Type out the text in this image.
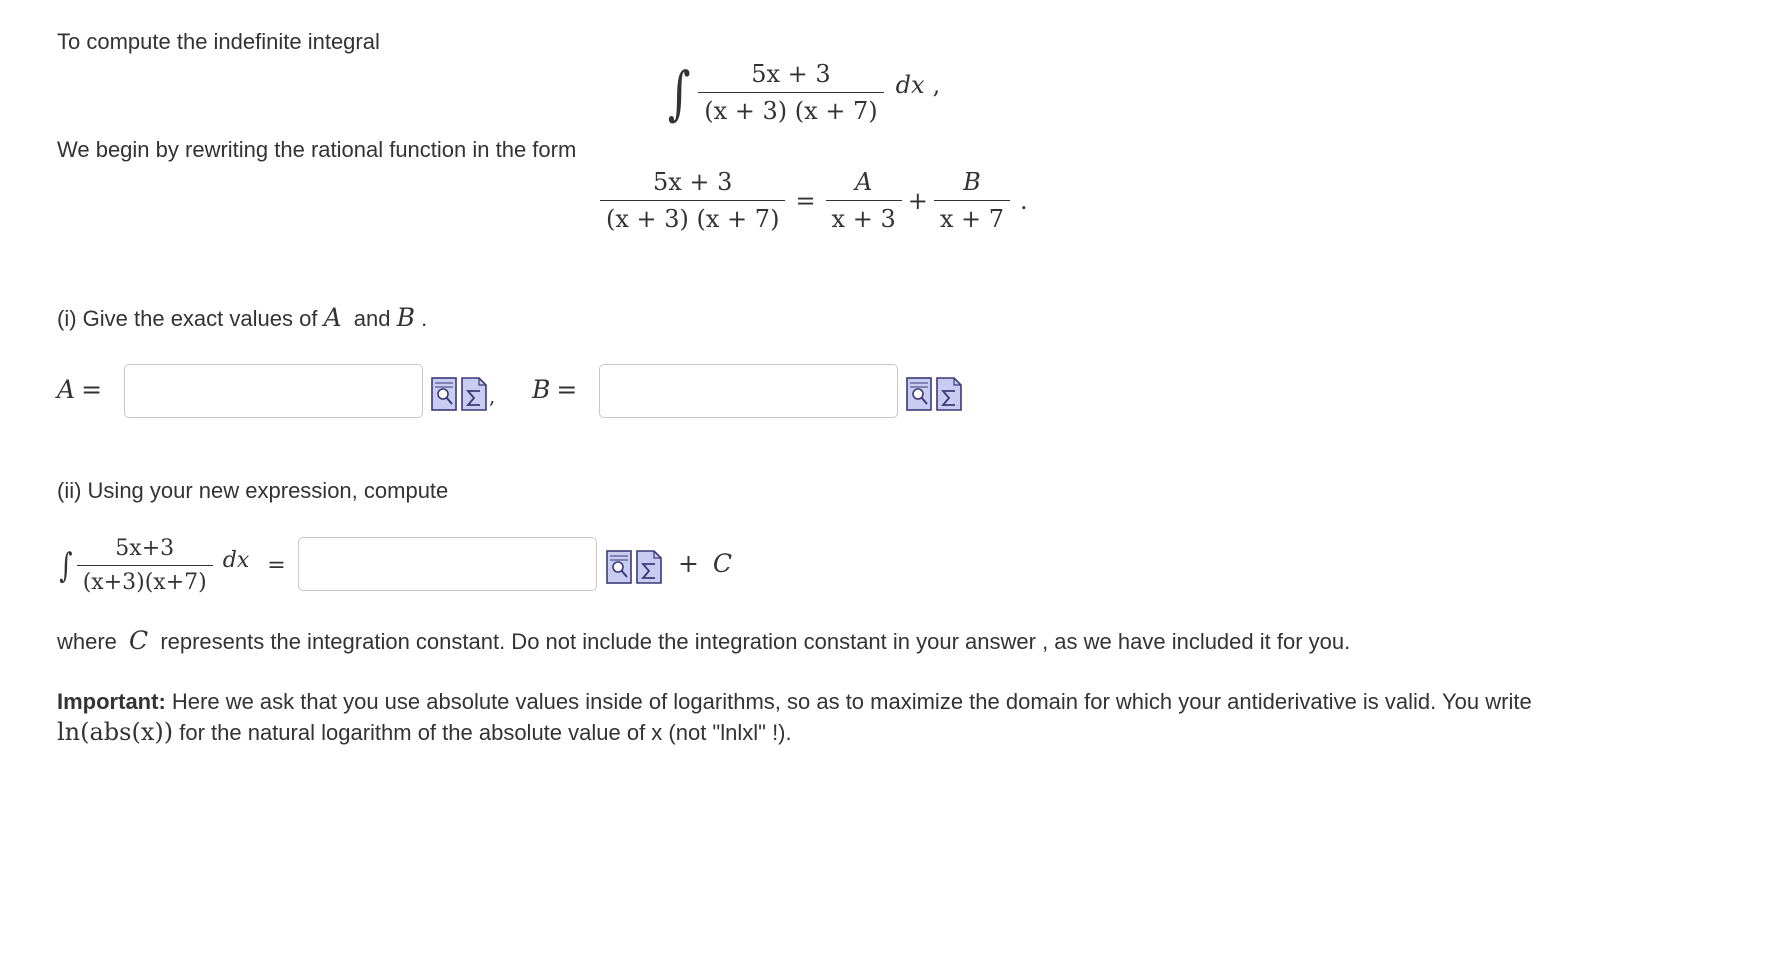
To compute the indefinite integral
∫ $\frac{5x + 3}{(x + 3) (x + 7)}$ dx ,
We begin by rewriting the rational function in the form
$\frac{5x + 3}{(x + 3) (x + 7)} = \frac{A}{x + 3} + \frac{B}{x + 7}$ .
(i) Give the exact values of A and B .
A =	, B =
(ii) Using your new expression, compute
∫ $\frac{5x+3}{(x+3)(x+7)}$ dx =	+ C
where C represents the integration constant. Do not include the integration constant in your answer , as we have included it for you.
Important: Here we ask that you use absolute values inside of logarithms, so as to maximize the domain for which your antiderivative is valid. You write
ln(abs(x)) for the natural logarithm of the absolute value of x (not "lnlxl" !).
